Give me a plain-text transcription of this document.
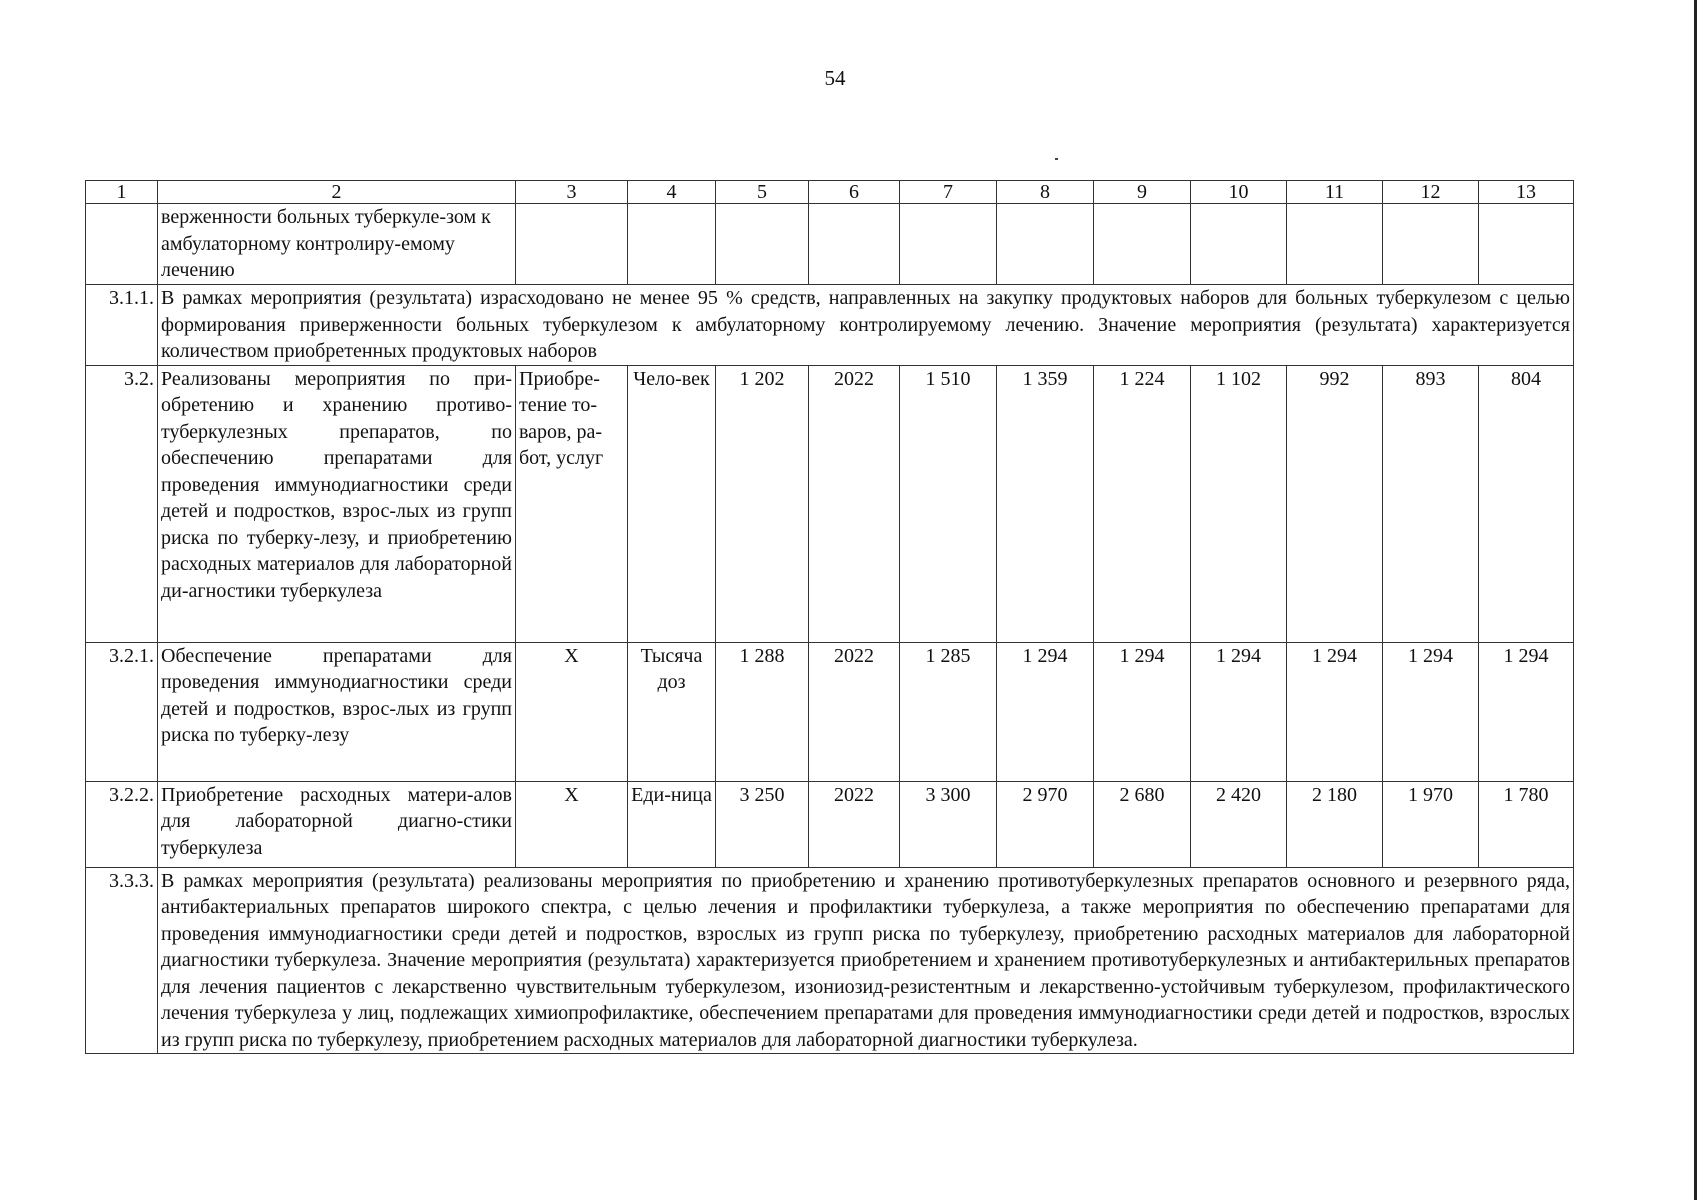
54
1	2	3	4	5	6	7	8	9	10	11	12	13
	верженности больных туберкуле-зом к амбулаторному контролиру-емому лечению											
3.1.1.	В рамках мероприятия (результата) израсходовано не менее 95 % средств, направленных на закупку продуктовых наборов для больных туберкулезом с целью формирования приверженности больных туберкулезом к амбулаторному контролируемому лечению. Значение мероприятия (результата) характеризуется количеством приобретенных продуктовых наборов											
3.2.	Реализованы мероприятия по при-обретению и хранению противо-туберкулезных препаратов, по обеспечению препаратами для проведения иммунодиагностики среди детей и подростков, взрос-лых из групп риска по туберку-лезу, и приобретению расходных материалов для лабораторной ди-агностики туберкулеза	Приобре-тение то-варов, ра-бот, услуг	Чело-век	1 202	2022	1 510	1 359	1 224	1 102	992	893	804
3.2.1.	Обеспечение препаратами для проведения иммунодиагностики среди детей и подростков, взрос-лых из групп риска по туберку-лезу	Х	Тысяча доз	1 288	2022	1 285	1 294	1 294	1 294	1 294	1 294	1 294
3.2.2.	Приобретение расходных матери-алов для лабораторной диагно-стики туберкулеза	Х	Еди-ница	3 250	2022	3 300	2 970	2 680	2 420	2 180	1 970	1 780
3.3.3.	В рамках мероприятия (результата) реализованы мероприятия по приобретению и хранению противотуберкулезных препаратов основного и резервного ряда, антибактериальных препаратов широкого спектра, с целью лечения и профилактики туберкулеза, а также мероприятия по обеспечению препаратами для проведения иммунодиагностики среди детей и подростков, взрослых из групп риска по туберкулезу, приобретению расходных материалов для лабораторной диагностики туберкулеза. Значение мероприятия (результата) характеризуется приобретением и хранением противотуберкулезных и антибактерильных препаратов для лечения пациентов с лекарственно чувствительным туберкулезом, изониозид-резистентным и лекарственно-устойчивым туберкулезом, профилактического лечения туберкулеза у лиц, подлежащих химиопрофилактике, обеспечением препаратами для проведения иммунодиагностики среди детей и подростков, взрослых из групп риска по туберкулезу, приобретением расходных материалов для лабораторной диагностики туберкулеза.											
